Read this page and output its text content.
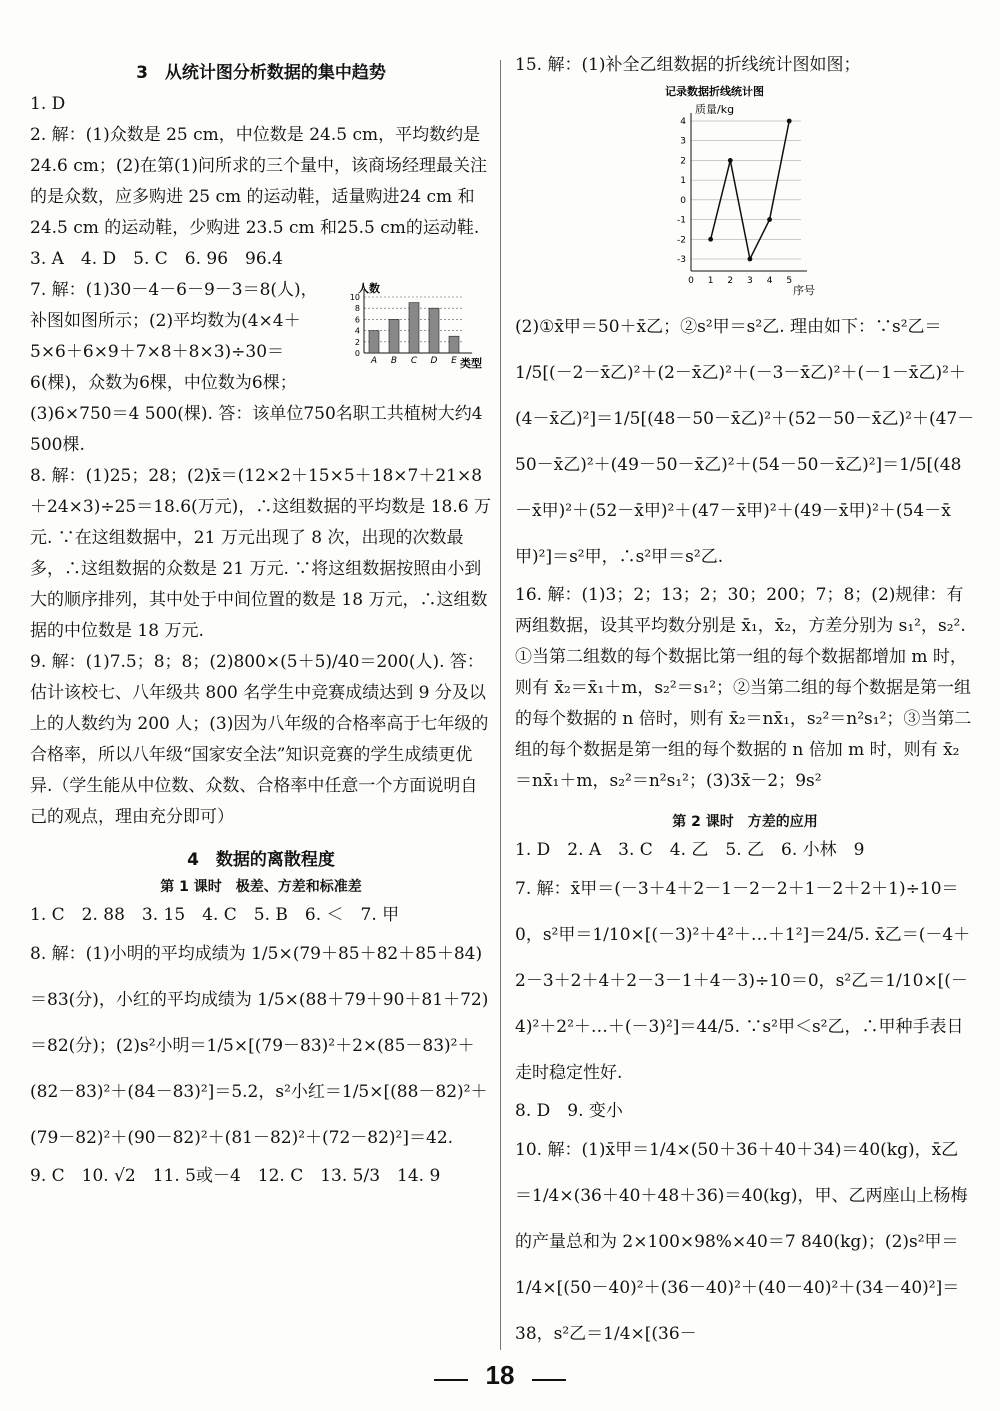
3　从统计图分析数据的集中趋势

1. D

2. 解：(1)众数是 25 cm，中位数是 24.5 cm，平均数约是 24.6 cm；(2)在第(1)问所求的三个量中，该商场经理最关注的是众数，应多购进 25 cm 的运动鞋，适量购进24 cm 和 24.5 cm 的运动鞋，少购进 23.5 cm 和25.5 cm的运动鞋.

3. A　4. D　5. C　6. 96　96.4

人数
类型
0
2
4
6
8
10
A B C D E

7. 解：(1)30－4－6－9－3＝8(人)，补图如图所示；(2)平均数为(4×4＋5×6＋6×9＋7×8＋8×3)÷30＝6(棵)，众数为6棵，中位数为6棵；(3)6×750＝4 500(棵). 答：该单位750名职工共植树大约4 500棵.

8. 解：(1)25；28；(2)x̄＝(12×2＋15×5＋18×7＋21×8＋24×3)÷25＝18.6(万元)，∴这组数据的平均数是 18.6 万元. ∵在这组数据中，21 万元出现了 8 次，出现的次数最多，∴这组数据的众数是 21 万元. ∵将这组数据按照由小到大的顺序排列，其中处于中间位置的数是 18 万元，∴这组数据的中位数是 18 万元.

9. 解：(1)7.5；8；8；(2)800×(5＋5)/40＝200(人). 答：估计该校七、八年级共 800 名学生中竞赛成绩达到 9 分及以上的人数约为 200 人；(3)因为八年级的合格率高于七年级的合格率，所以八年级“国家安全法”知识竞赛的学生成绩更优异.（学生能从中位数、众数、合格率中任意一个方面说明自己的观点，理由充分即可）

4　数据的离散程度
第 1 课时　极差、方差和标准差

1. C　2. 88　3. 15　4. C　5. B　6. ＜　7. 甲

8. 解：(1)小明的平均成绩为 1/5×(79＋85＋82＋85＋84)＝83(分)，小红的平均成绩为 1/5×(88＋79＋90＋81＋72)＝82(分)；(2)s²小明＝1/5×[(79－83)²＋2×(85－83)²＋(82－83)²＋(84－83)²]＝5.2，s²小红＝1/5×[(88－82)²＋(79－82)²＋(90－82)²＋(81－82)²＋(72－82)²]＝42.

9. C　10. √2　11. 5或－4　12. C　13. 5/3　14. 9

15. 解：(1)补全乙组数据的折线统计图如图；

记录数据折线统计图
质量/kg
序号
-3
-2
-1
0
1
2
3
4
0 1 2 3 4 5

(2)①x̄甲＝50＋x̄乙；②s²甲＝s²乙. 理由如下：∵s²乙＝1/5[(－2－x̄乙)²＋(2－x̄乙)²＋(－3－x̄乙)²＋(－1－x̄乙)²＋(4－x̄乙)²]＝1/5[(48－50－x̄乙)²＋(52－50－x̄乙)²＋(47－50－x̄乙)²＋(49－50－x̄乙)²＋(54－50－x̄乙)²]＝1/5[(48－x̄甲)²＋(52－x̄甲)²＋(47－x̄甲)²＋(49－x̄甲)²＋(54－x̄甲)²]＝s²甲，∴s²甲＝s²乙.

16. 解：(1)3；2；13；2；30；200；7；8；(2)规律：有两组数据，设其平均数分别是 x̄₁，x̄₂，方差分别为 s₁²，s₂². ①当第二组数的每个数据比第一组的每个数据都增加 m 时，则有 x̄₂＝x̄₁＋m，s₂²＝s₁²；②当第二组的每个数据是第一组的每个数据的 n 倍时，则有 x̄₂＝nx̄₁，s₂²＝n²s₁²；③当第二组的每个数据是第一组的每个数据的 n 倍加 m 时，则有 x̄₂＝nx̄₁＋m，s₂²＝n²s₁²；(3)3x̄－2；9s²

第 2 课时　方差的应用

1. D　2. A　3. C　4. 乙　5. 乙　6. 小林　9

7. 解：x̄甲＝(－3＋4＋2－1－2－2＋1－2＋2＋1)÷10＝0，s²甲＝1/10×[(－3)²＋4²＋…＋1²]＝24/5. x̄乙＝(－4＋2－3＋2＋4＋2－3－1＋4－3)÷10＝0，s²乙＝1/10×[(－4)²＋2²＋…＋(－3)²]＝44/5. ∵s²甲＜s²乙，∴甲种手表日走时稳定性好.

8. D　9. 变小

10. 解：(1)x̄甲＝1/4×(50＋36＋40＋34)＝40(kg)，x̄乙＝1/4×(36＋40＋48＋36)＝40(kg)，甲、乙两座山上杨梅的产量总和为 2×100×98%×40＝7 840(kg)；(2)s²甲＝1/4×[(50－40)²＋(36－40)²＋(40－40)²＋(34－40)²]＝38，s²乙＝1/4×[(36－

18
